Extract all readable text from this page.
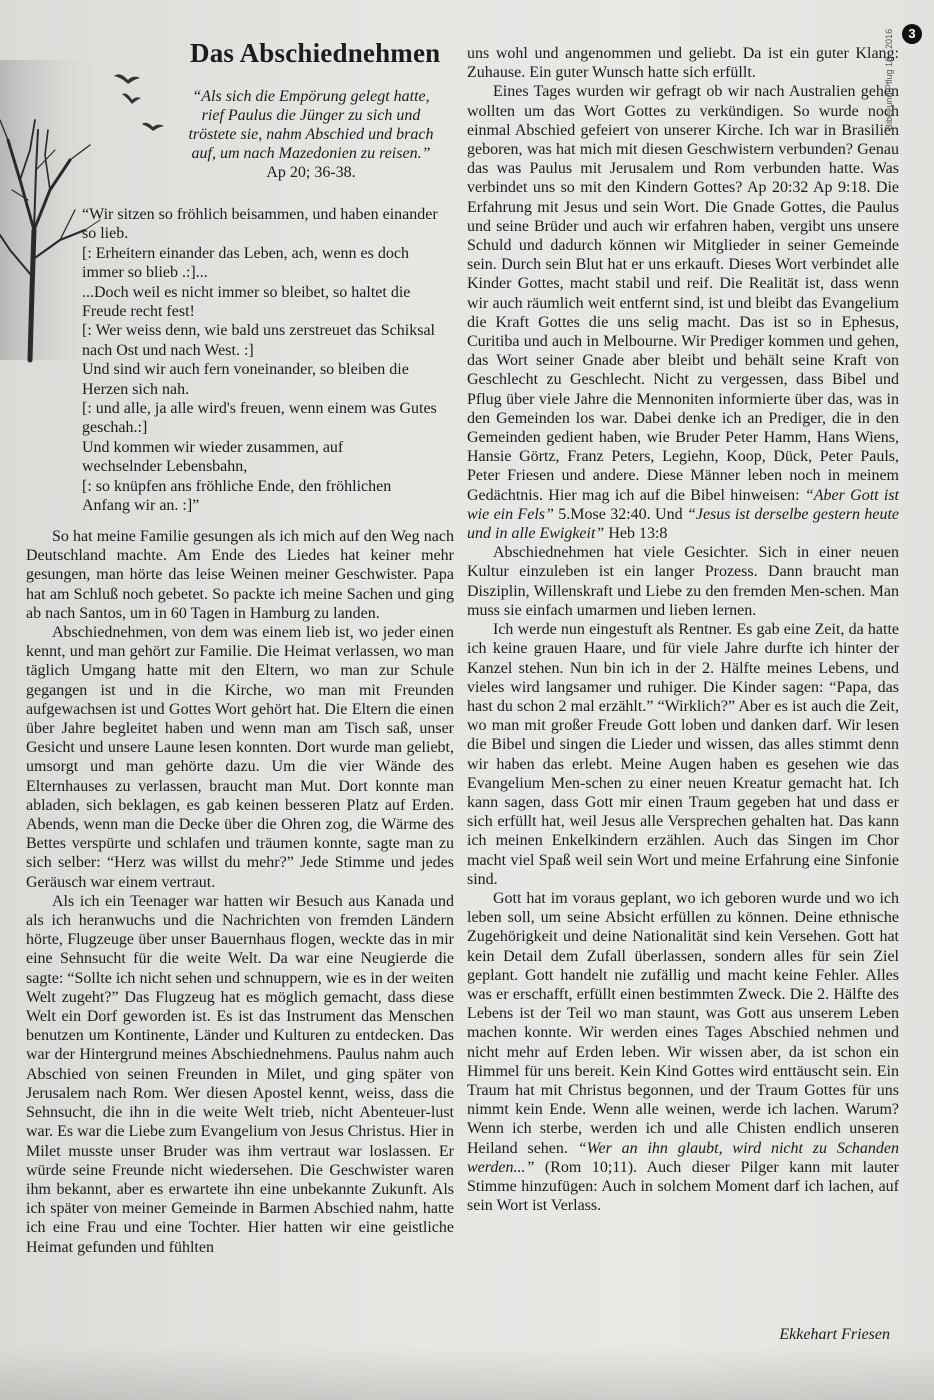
Das Abschiednehmen
“Als sich die Empörung gelegt hatte,
rief Paulus die Jünger zu sich und
tröstete sie, nahm Abschied und brach
auf, um nach Mazedonien zu reisen.”
Ap 20; 36-38.
“Wir sitzen so fröhlich beisammen, und haben einander
so lieb.
[: Erheitern einander das Leben, ach, wenn es doch
immer so blieb .:]...
...Doch weil es nicht immer so bleibet, so haltet die
Freude recht fest!
[: Wer weiss denn, wie bald uns zerstreuet das Schiksal
nach Ost und nach West. :]
Und sind wir auch fern voneinander, so bleiben die
Herzen sich nah.
[: und alle, ja alle wird's freuen, wenn einem was Gutes
geschah.:]
Und kommen wir wieder zusammen, auf
wechselnder Lebensbahn,
[: so knüpfen ans fröhliche Ende, den fröhlichen
Anfang wir an. :]”

So hat meine Familie gesungen als ich mich auf den Weg nach Deutschland machte. Am Ende des Liedes hat keiner mehr gesungen, man hörte das leise Weinen meiner Geschwister. Papa hat am Schluß noch gebetet. So packte ich meine Sachen und ging ab nach Santos, um in 60 Tagen in Hamburg zu landen.

Abschiednehmen, von dem was einem lieb ist, wo jeder einen kennt, und man gehört zur Familie. Die Heimat verlassen, wo man täglich Umgang hatte mit den Eltern, wo man zur Schule gegangen ist und in die Kirche, wo man mit Freunden aufgewachsen ist und Gottes Wort gehört hat. Die Eltern die einen über Jahre begleitet haben und wenn man am Tisch saß, unser Gesicht und unsere Laune lesen konnten. Dort wurde man geliebt, umsorgt und man gehörte dazu. Um die vier Wände des Elternhauses zu verlassen, braucht man Mut. Dort konnte man abladen, sich beklagen, es gab keinen besseren Platz auf Erden. Abends, wenn man die Decke über die Ohren zog, die Wärme des Bettes verspürte und schlafen und träumen konnte, sagte man zu sich selber: “Herz was willst du mehr?” Jede Stimme und jedes Geräusch war einem vertraut.

Als ich ein Teenager war hatten wir Besuch aus Kanada und als ich heranwuchs und die Nachrichten von fremden Ländern hörte, Flugzeuge über unser Bauernhaus flogen, weckte das in mir eine Sehnsucht für die weite Welt. Da war eine Neugierde die sagte: “Sollte ich nicht sehen und schnuppern, wie es in der weiten Welt zugeht?” Das Flugzeug hat es möglich gemacht, dass diese Welt ein Dorf geworden ist. Es ist das Instrument das Menschen benutzen um Kontinente, Länder und Kulturen zu entdecken. Das war der Hintergrund meines Abschiednehmens. Paulus nahm auch Abschied von seinen Freunden in Milet, und ging später von Jerusalem nach Rom. Wer diesen Apostel kennt, weiss, dass die Sehnsucht, die ihn in die weite Welt trieb, nicht Abenteuer-lust war. Es war die Liebe zum Evangelium von Jesus Christus. Hier in Milet musste unser Bruder was ihm vertraut war loslassen. Er würde seine Freunde nicht wiedersehen. Die Geschwister waren ihm bekannt, aber es erwartete ihn eine unbekannte Zukunft. Als ich später von meiner Gemeinde in Barmen Abschied nahm, hatte ich eine Frau und eine Tochter. Hier hatten wir eine geistliche Heimat gefunden und fühlten

uns wohl und angenommen und geliebt. Da ist ein guter Klang: Zuhause. Ein guter Wunsch hatte sich erfüllt.

Eines Tages wurden wir gefragt ob wir nach Australien gehen wollten um das Wort Gottes zu verkündigen. So wurde noch einmal Abschied gefeiert von unserer Kirche. Ich war in Brasilien geboren, was hat mich mit diesen Geschwistern verbunden? Genau das was Paulus mit Jerusalem und Rom verbunden hatte. Was verbindet uns so mit den Kindern Gottes? Ap 20:32 Ap 9:18. Die Erfahrung mit Jesus und sein Wort. Die Gnade Gottes, die Paulus und seine Brüder und auch wir erfahren haben, vergibt uns unsere Schuld und dadurch können wir Mitglieder in seiner Gemeinde sein. Durch sein Blut hat er uns erkauft. Dieses Wort verbindet alle Kinder Gottes, macht stabil und reif. Die Realität ist, dass wenn wir auch räumlich weit entfernt sind, ist und bleibt das Evangelium die Kraft Gottes die uns selig macht. Das ist so in Ephesus, Curitiba und auch in Melbourne. Wir Prediger kommen und gehen, das Wort seiner Gnade aber bleibt und behält seine Kraft von Geschlecht zu Geschlecht. Nicht zu vergessen, dass Bibel und Pflug über viele Jahre die Mennoniten informierte über das, was in den Gemeinden los war. Dabei denke ich an Prediger, die in den Gemeinden gedient haben, wie Bruder Peter Hamm, Hans Wiens, Hansie Görtz, Franz Peters, Legiehn, Koop, Dück, Peter Pauls, Peter Friesen und andere. Diese Männer leben noch in meinem Gedächtnis. Hier mag ich auf die Bibel hinweisen: “Aber Gott ist wie ein Fels” 5.Mose 32:40. Und “Jesus ist derselbe gestern heute und in alle Ewigkeit” Heb 13:8

Abschiednehmen hat viele Gesichter. Sich in einer neuen Kultur einzuleben ist ein langer Prozess. Dann braucht man Disziplin, Willenskraft und Liebe zu den fremden Men-schen. Man muss sie einfach umarmen und lieben lernen.

Ich werde nun eingestuft als Rentner. Es gab eine Zeit, da hatte ich keine grauen Haare, und für viele Jahre durfte ich hinter der Kanzel stehen. Nun bin ich in der 2. Hälfte meines Lebens, und vieles wird langsamer und ruhiger. Die Kinder sagen: “Papa, das hast du schon 2 mal erzählt.” “Wirklich?” Aber es ist auch die Zeit, wo man mit großer Freude Gott loben und danken darf. Wir lesen die Bibel und singen die Lieder und wissen, das alles stimmt denn wir haben das erlebt. Meine Augen haben es gesehen wie das Evangelium Men-schen zu einer neuen Kreatur gemacht hat. Ich kann sagen, dass Gott mir einen Traum gegeben hat und dass er sich erfüllt hat, weil Jesus alle Versprechen gehalten hat. Das kann ich meinen Enkelkindern erzählen. Auch das Singen im Chor macht viel Spaß weil sein Wort und meine Erfahrung eine Sinfonie sind.

Gott hat im voraus geplant, wo ich geboren wurde und wo ich leben soll, um seine Absicht erfüllen zu können. Deine ethnische Zugehörigkeit und deine Nationalität sind kein Versehen. Gott hat kein Detail dem Zufall überlassen, sondern alles für sein Ziel geplant. Gott handelt nie zufällig und macht keine Fehler. Alles was er erschafft, erfüllt einen bestimmten Zweck. Die 2. Hälfte des Lebens ist der Teil wo man staunt, was Gott aus unserem Leben machen konnte. Wir werden eines Tages Abschied nehmen und nicht mehr auf Erden leben. Wir wissen aber, da ist schon ein Himmel für uns bereit. Kein Kind Gottes wird enttäuscht sein. Ein Traum hat mit Christus begonnen, und der Traum Gottes für uns nimmt kein Ende. Wenn alle weinen, werde ich lachen. Warum? Wenn ich sterbe, werden ich und alle Chisten endlich unseren Heiland sehen. “Wer an ihn glaubt, wird nicht zu Schanden werden...” (Rom 10;11). Auch dieser Pilger kann mit lauter Stimme hinzufügen: Auch in solchem Moment darf ich lachen, auf sein Wort ist Verlass.

Ekkehart Friesen
3
Bibel und Pflug 12 · 2016
